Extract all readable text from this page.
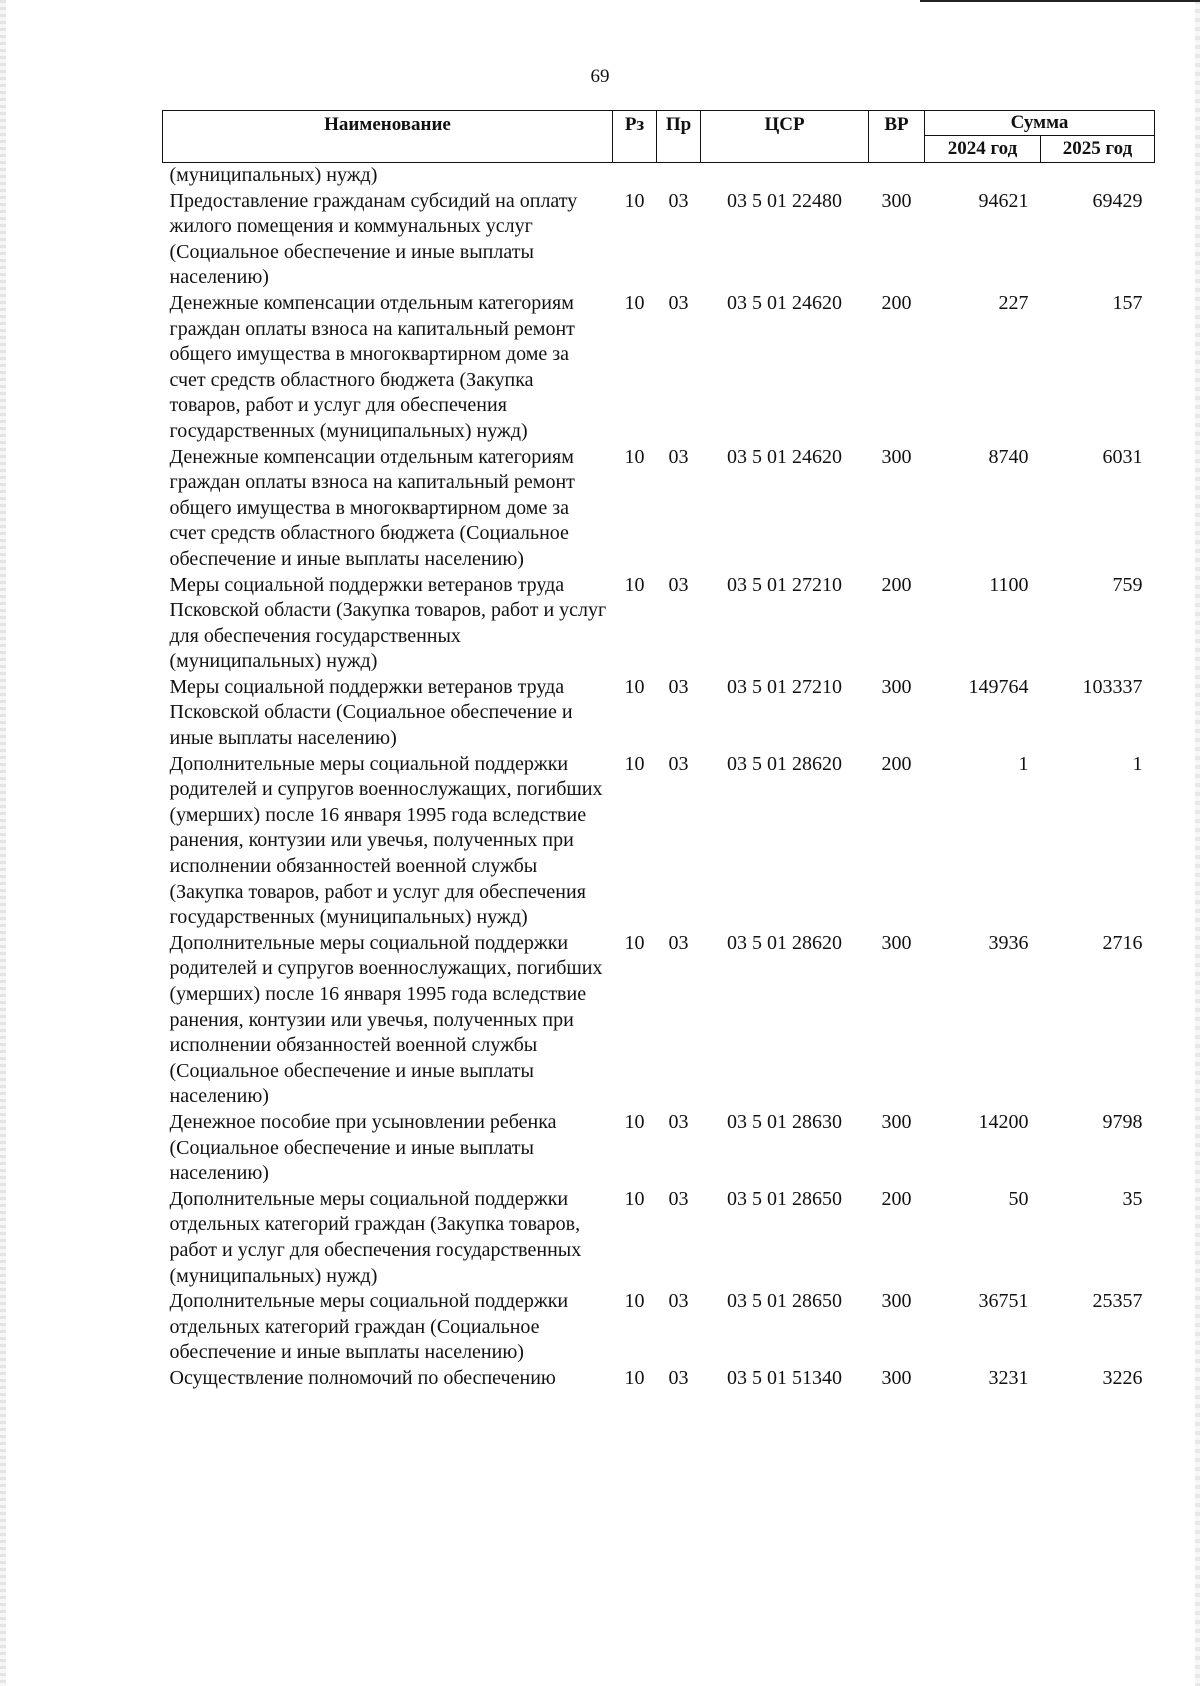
69
Наименование	Рз	Пр	ЦСР	ВР	Сумма	
					2024 год	2025 год
(муниципальных) нужд)						
Предоставление гражданам субсидий на оплату жилого помещения и коммунальных услуг (Социальное обеспечение и иные выплаты населению)	10	03	03 5 01 22480	300	94621	69429
Денежные компенсации отдельным категориям граждан оплаты взноса на капитальный ремонт общего имущества в многоквартирном доме за счет средств областного бюджета (Закупка товаров, работ и услуг для обеспечения государственных (муниципальных) нужд)	10	03	03 5 01 24620	200	227	157
Денежные компенсации отдельным категориям граждан оплаты взноса на капитальный ремонт общего имущества в многоквартирном доме за счет средств областного бюджета (Социальное обеспечение и иные выплаты населению)	10	03	03 5 01 24620	300	8740	6031
Меры социальной поддержки ветеранов труда Псковской области (Закупка товаров, работ и услуг для обеспечения государственных (муниципальных) нужд)	10	03	03 5 01 27210	200	1100	759
Меры социальной поддержки ветеранов труда Псковской области (Социальное обеспечение и иные выплаты населению)	10	03	03 5 01 27210	300	149764	103337
Дополнительные меры социальной поддержки родителей и супругов военнослужащих, погибших (умерших) после 16 января 1995 года вследствие ранения, контузии или увечья, полученных при исполнении обязанностей военной службы (Закупка товаров, работ и услуг для обеспечения государственных (муниципальных) нужд)	10	03	03 5 01 28620	200	1	1
Дополнительные меры социальной поддержки родителей и супругов военнослужащих, погибших (умерших) после 16 января 1995 года вследствие ранения, контузии или увечья, полученных при исполнении обязанностей военной службы (Социальное обеспечение и иные выплаты населению)	10	03	03 5 01 28620	300	3936	2716
Денежное пособие при усыновлении ребенка (Социальное обеспечение и иные выплаты населению)	10	03	03 5 01 28630	300	14200	9798
Дополнительные меры социальной поддержки отдельных категорий граждан (Закупка товаров, работ и услуг для обеспечения государственных (муниципальных) нужд)	10	03	03 5 01 28650	200	50	35
Дополнительные меры социальной поддержки отдельных категорий граждан (Социальное обеспечение и иные выплаты населению)	10	03	03 5 01 28650	300	36751	25357
Осуществление полномочий по обеспечению	10	03	03 5 01 51340	300	3231	3226
